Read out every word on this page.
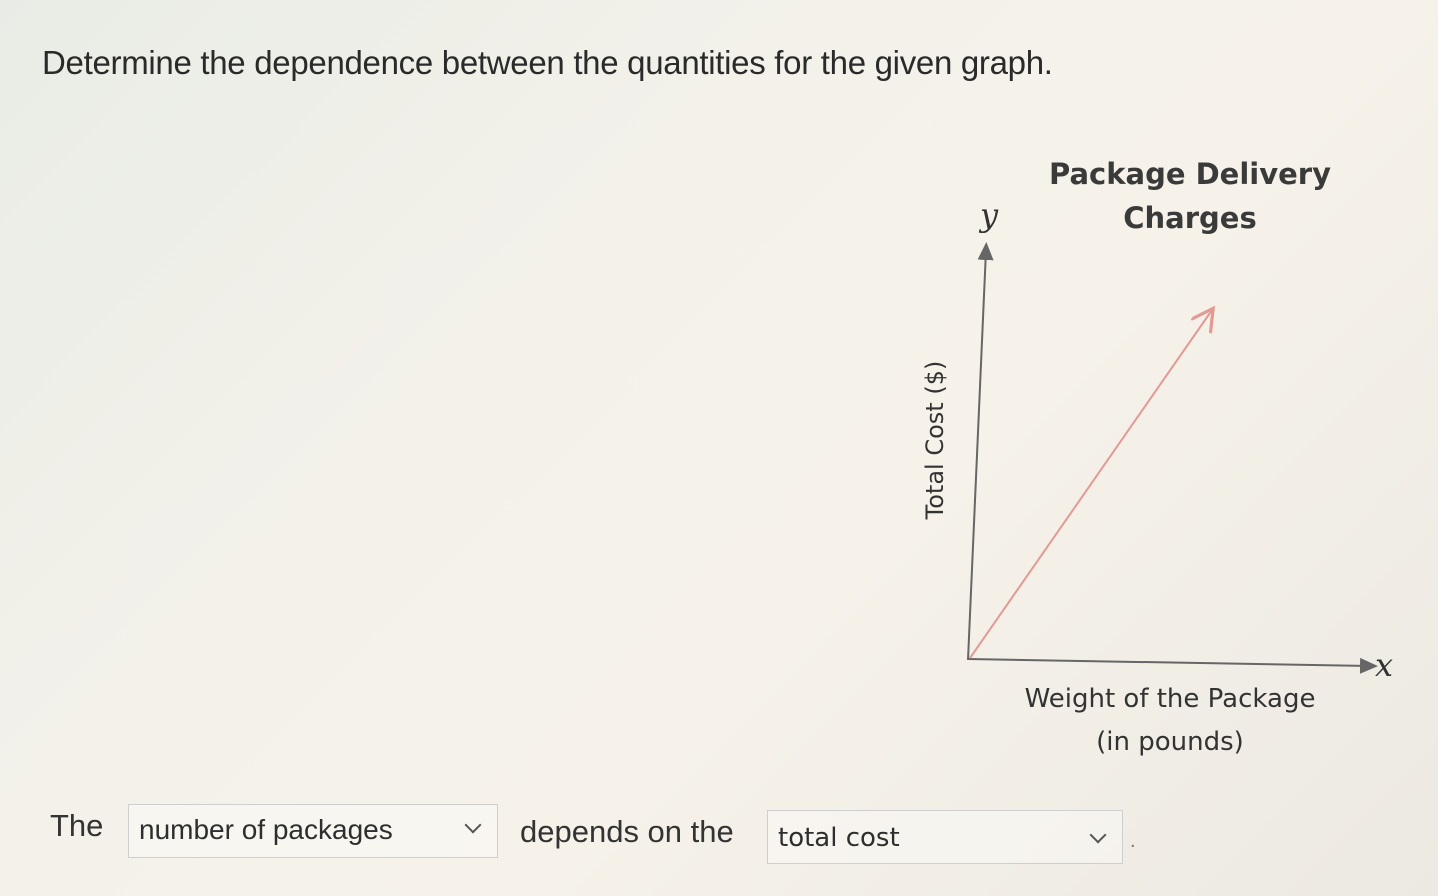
Determine the dependence between the quantities for the given graph.
Package Delivery
Charges
y
x
Total Cost ($)
Weight of the Package
(in pounds)
The number of packages	depends on the total cost	.
